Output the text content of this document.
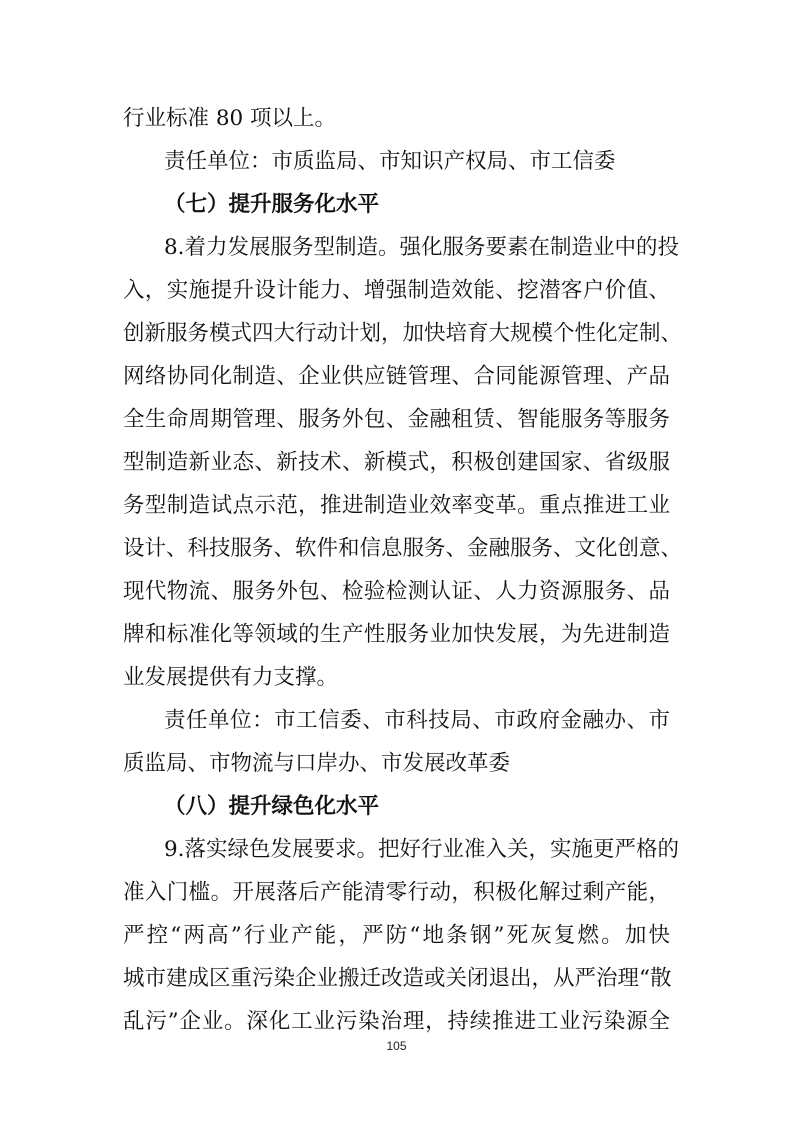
行业标准 80 项以上。
责任单位：市质监局、市知识产权局、市工信委
（七）提升服务化水平
8.着力发展服务型制造。强化服务要素在制造业中的投
入，实施提升设计能力、增强制造效能、挖潜客户价值、
创新服务模式四大行动计划，加快培育大规模个性化定制、
网络协同化制造、企业供应链管理、合同能源管理、产品
全生命周期管理、服务外包、金融租赁、智能服务等服务
型制造新业态、新技术、新模式，积极创建国家、省级服
务型制造试点示范，推进制造业效率变革。重点推进工业
设计、科技服务、软件和信息服务、金融服务、文化创意、
现代物流、服务外包、检验检测认证、人力资源服务、品
牌和标准化等领域的生产性服务业加快发展，为先进制造
业发展提供有力支撑。
责任单位：市工信委、市科技局、市政府金融办、市
质监局、市物流与口岸办、市发展改革委
（八）提升绿色化水平
9.落实绿色发展要求。把好行业准入关，实施更严格的
准入门槛。开展落后产能清零行动，积极化解过剩产能，
严控“两高”行业产能，严防“地条钢”死灰复燃。加快
城市建成区重污染企业搬迁改造或关闭退出，从严治理“散
乱污”企业。深化工业污染治理，持续推进工业污染源全
105
